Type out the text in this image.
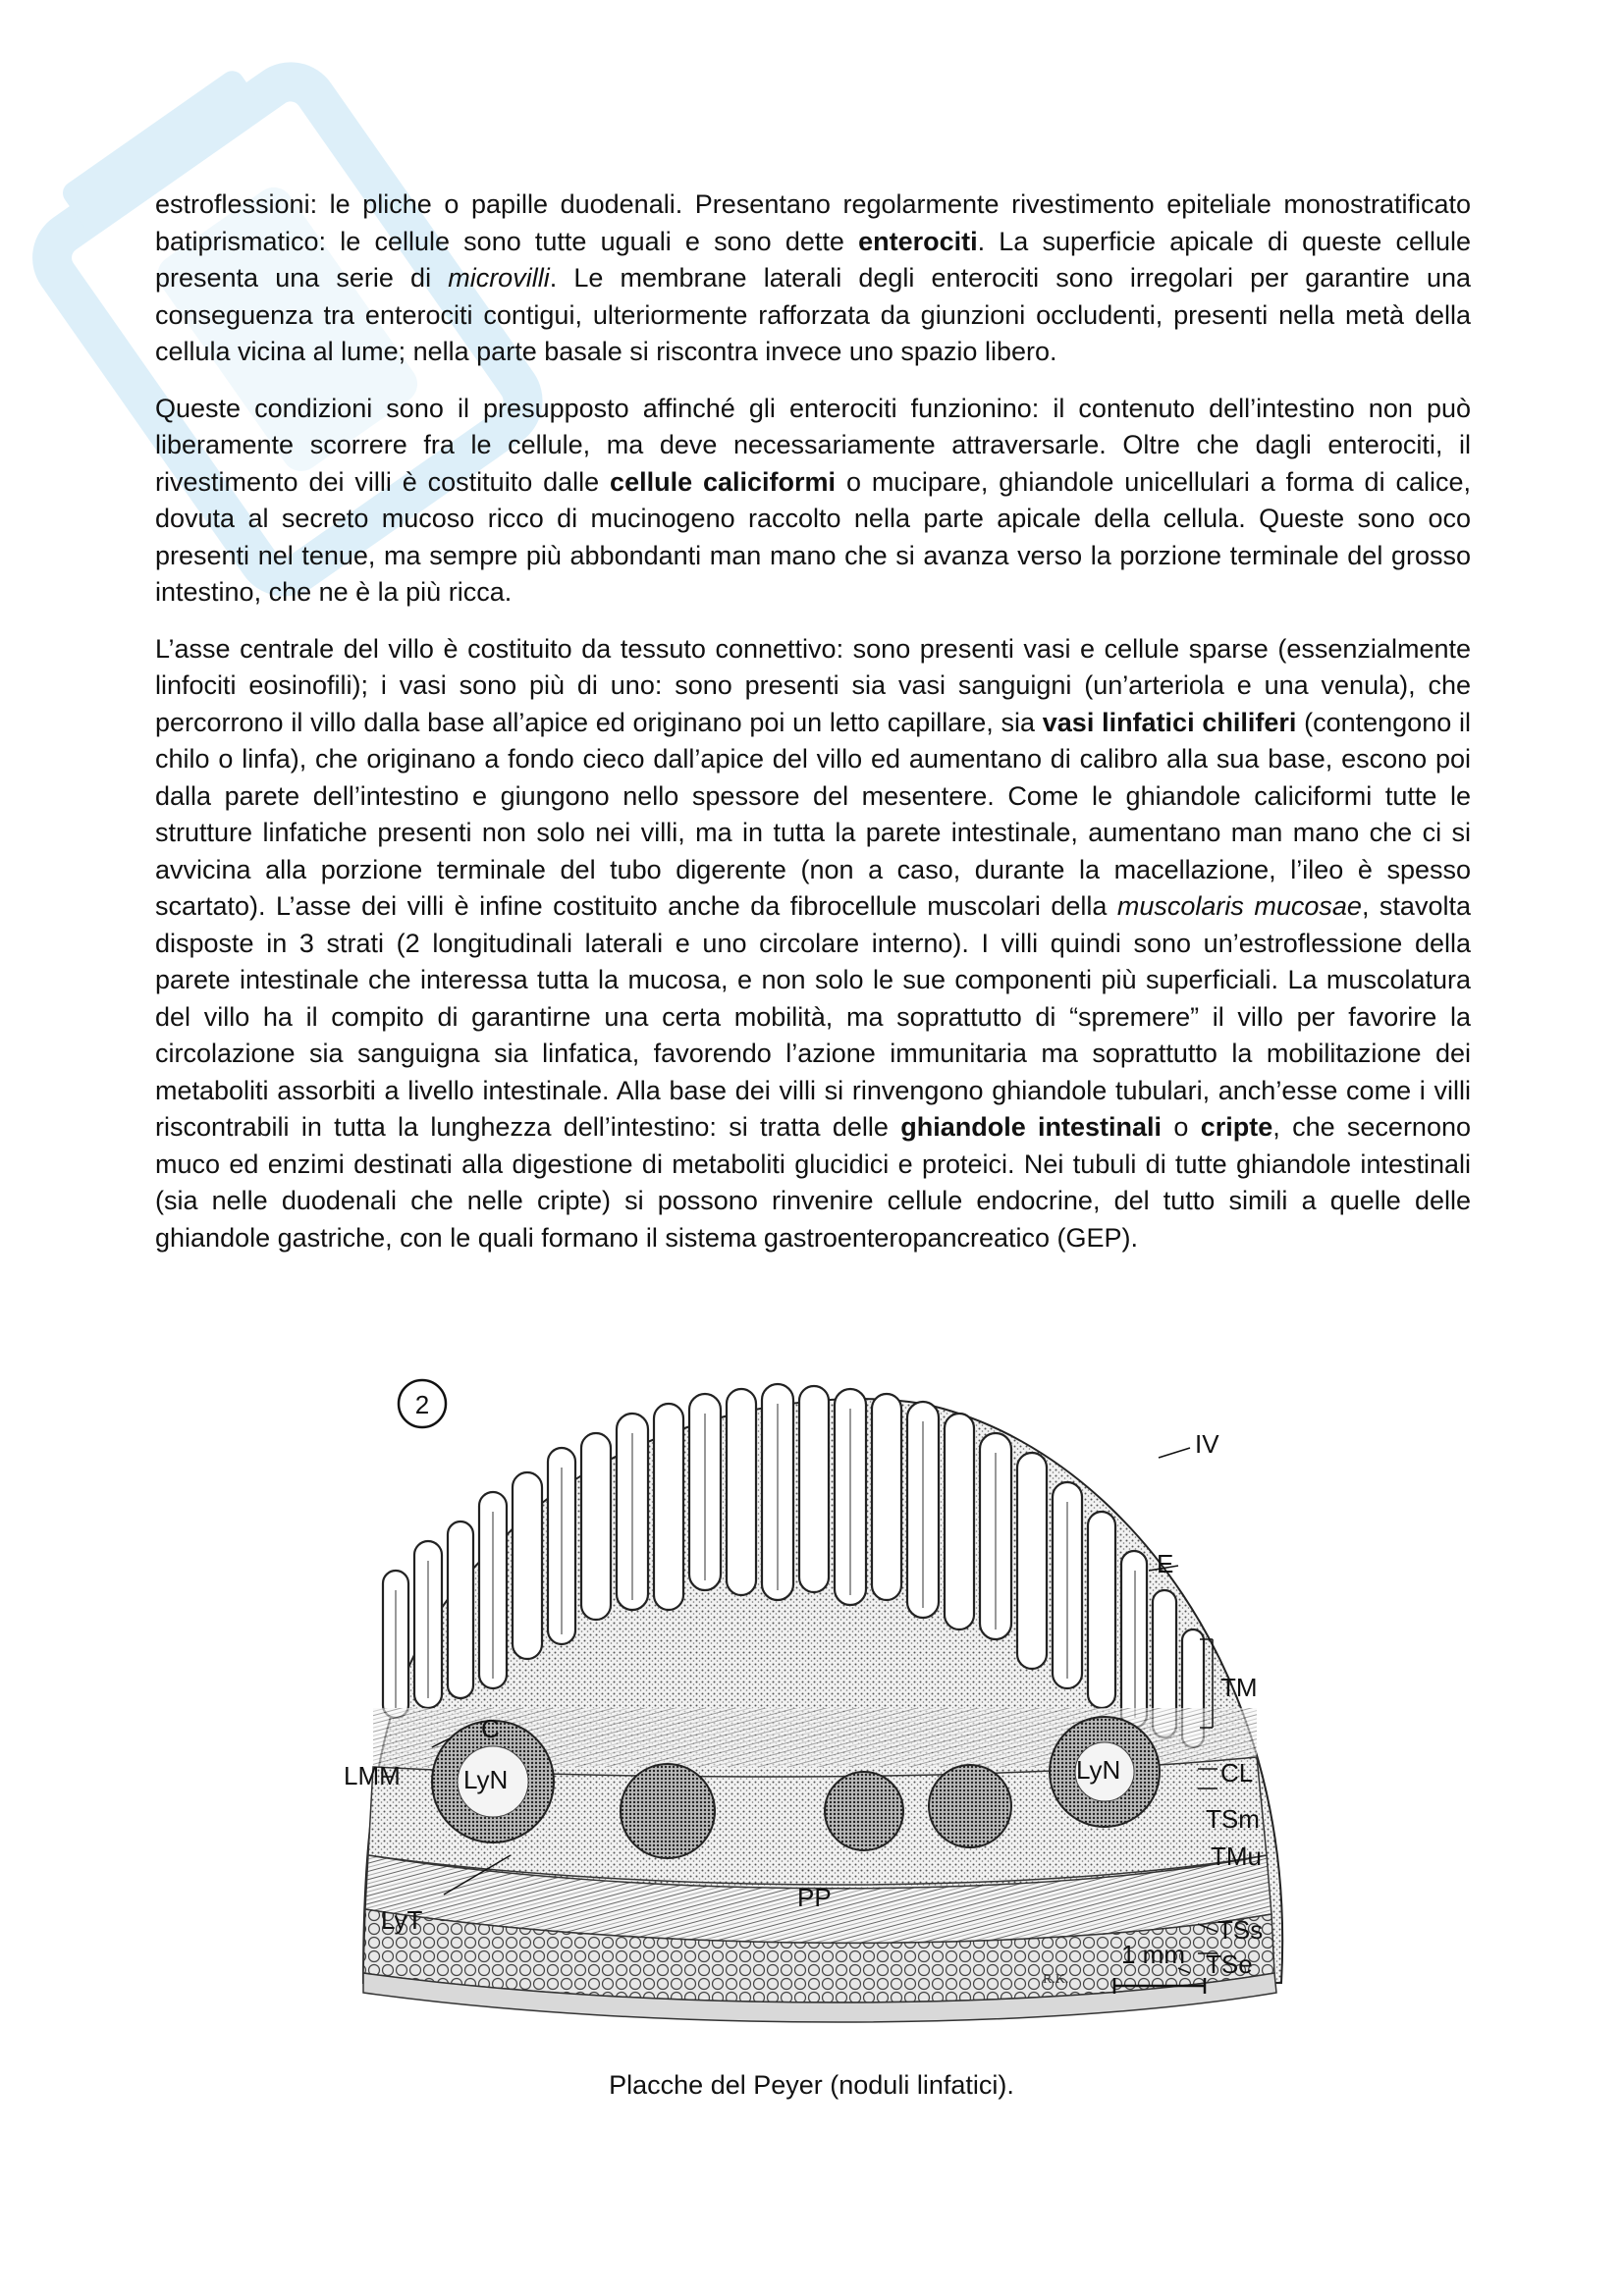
estroflessioni: le pliche o papille duodenali. Presentano regolarmente rivestimento epiteliale monostratificato batiprismatico: le cellule sono tutte uguali e sono dette enterociti. La superficie apicale di queste cellule presenta una serie di microvilli. Le membrane laterali degli enterociti sono irregolari per garantire una conseguenza tra enterociti contigui, ulteriormente rafforzata da giunzioni occludenti, presenti nella metà della cellula vicina al lume; nella parte basale si riscontra invece uno spazio libero.

Queste condizioni sono il presupposto affinché gli enterociti funzionino: il contenuto dell’intestino non può liberamente scorrere fra le cellule, ma deve necessariamente attraversarle. Oltre che dagli enterociti, il rivestimento dei villi è costituito dalle cellule caliciformi o mucipare, ghiandole unicellulari a forma di calice, dovuta al secreto mucoso ricco di mucinogeno raccolto nella parte apicale della cellula. Queste sono oco presenti nel tenue, ma sempre più abbondanti man mano che si avanza verso la porzione terminale del grosso intestino, che ne è la più ricca.

L’asse centrale del villo è costituito da tessuto connettivo: sono presenti vasi e cellule sparse (essenzialmente linfociti eosinofili); i vasi sono più di uno: sono presenti sia vasi sanguigni (un’arteriola e una venula), che percorrono il villo dalla base all’apice ed originano poi un letto capillare, sia vasi linfatici chiliferi (contengono il chilo o linfa), che originano a fondo cieco dall’apice del villo ed aumentano di calibro alla sua base, escono poi dalla parete dell’intestino e giungono nello spessore del mesentere. Come le ghiandole caliciformi tutte le strutture linfatiche presenti non solo nei villi, ma in tutta la parete intestinale, aumentano man mano che ci si avvicina alla porzione terminale del tubo digerente (non a caso, durante la macellazione, l’ileo è spesso scartato). L’asse dei villi è infine costituito anche da fibrocellule muscolari della muscolaris mucosae, stavolta disposte in 3 strati (2 longitudinali laterali e uno circolare interno). I villi quindi sono un’estroflessione della parete intestinale che interessa tutta la mucosa, e non solo le sue componenti più superficiali. La muscolatura del villo ha il compito di garantirne una certa mobilità, ma soprattutto di “spremere” il villo per favorire la circolazione sia sanguigna sia linfatica, favorendo l’azione immunitaria ma soprattutto la mobilitazione dei metaboliti assorbiti a livello intestinale. Alla base dei villi si rinvengono ghiandole tubulari, anch’esse come i villi riscontrabili in tutta la lunghezza dell’intestino: si tratta delle ghiandole intestinali o cripte, che secernono muco ed enzimi destinati alla digestione di metaboliti glucidici e proteici. Nei tubuli di tutte ghiandole intestinali (sia nelle duodenali che nelle cripte) si possono rinvenire cellule endocrine, del tutto simili a quelle delle ghiandole gastriche, con le quali formano il sistema gastroenteropancreatico (GEP).

2
IV
E
TM
C
LMM LyN	LyN	CL
TSm
TMu
PP
LyT	TSs
TSe
1 mm
R.K.
Placche del Peyer (noduli linfatici).
